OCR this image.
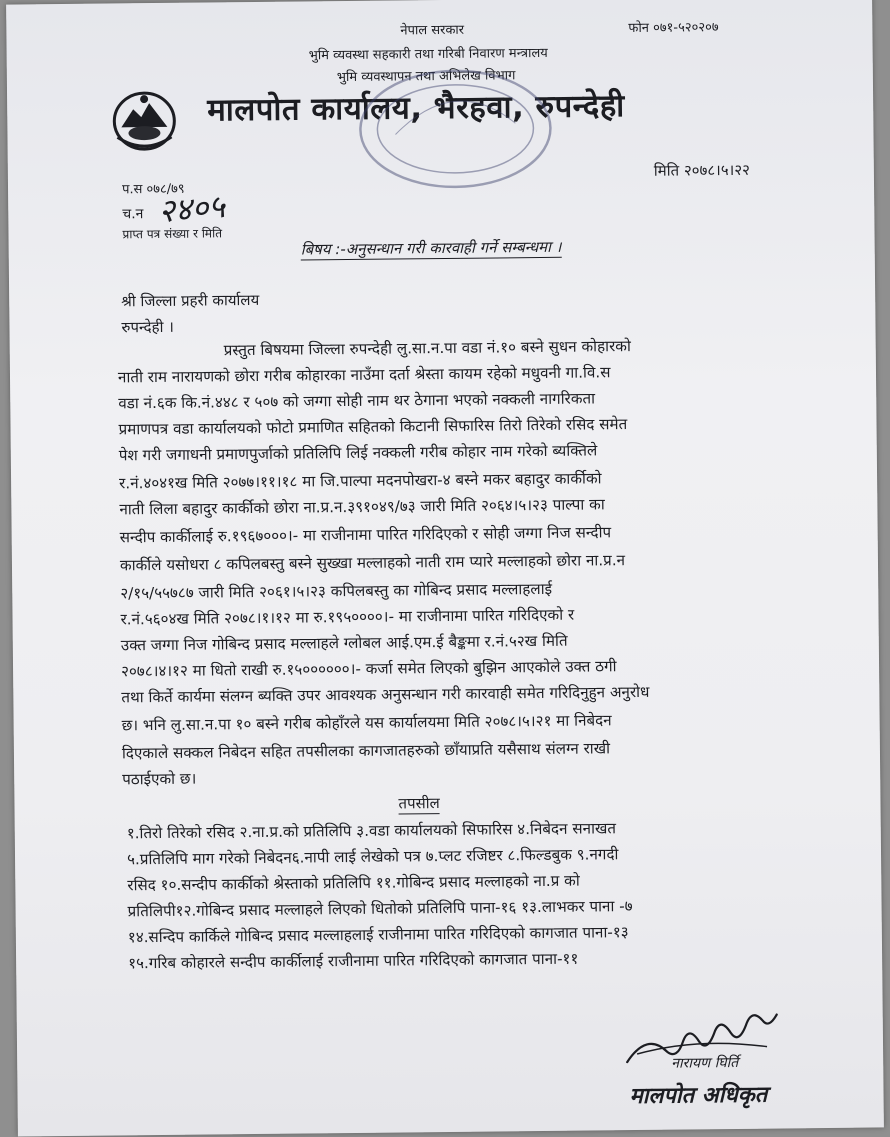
नेपाल सरकार	फोन ०७१-५२०२०७
भुमि व्यवस्था सहकारी तथा गरिबी निवारण मन्त्रालय
भुमि व्यवस्थापन तथा अभिलेख विभाग
मालपोत कार्यालय, भैरहवा, रुपन्देही
मिति २०७८।५।२२
प.स ०७८/७९
च.न २४०५
प्राप्त पत्र संख्या र मिति
बिषय :-अनुसन्धान गरी कारवाही गर्ने सम्बन्धमा ।
श्री जिल्ला प्रहरी कार्यालय
रुपन्देही ।
प्रस्तुत बिषयमा जिल्ला रुपन्देही लु.सा.न.पा वडा नं.१० बस्ने सुधन कोहारको
नाती राम नारायणको छोरा गरीब कोहारका नाउँमा दर्ता श्रेस्ता कायम रहेको मधुवनी गा.वि.स
वडा नं.६क कि.नं.४४८ र ५०७ को जग्गा सोही नाम थर ठेगाना भएको नक्कली नागरिकता
प्रमाणपत्र वडा कार्यालयको फोटो प्रमाणित सहितको किटानी सिफारिस तिरो तिरेको रसिद समेत
पेश गरी जगाधनी प्रमाणपुर्जाको प्रतिलिपि लिई नक्कली गरीब कोहार नाम गरेको ब्यक्तिले
र.नं.४०४१ख मिति २०७७।११।१८ मा जि.पाल्पा मदनपोखरा-४ बस्ने मकर बहादुर कार्कीको
नाती लिला बहादुर कार्कीको छोरा ना.प्र.न.३९१०४९/७३ जारी मिति २०६४।५।२३ पाल्पा का
सन्दीप कार्कीलाई रु.१९६७०००।- मा राजीनामा पारित गरिदिएको र सोही जग्गा निज सन्दीप
कार्कीले यसोधरा ८ कपिलबस्तु बस्ने सुख्खा मल्लाहको नाती राम प्यारे मल्लाहको छोरा ना.प्र.न
२/१५/५५७८७ जारी मिति २०६१।५।२३ कपिलबस्तु का गोबिन्द प्रसाद मल्लाहलाई
र.नं.५६०४ख मिति २०७८।१।१२ मा रु.१९५००००।- मा राजीनामा पारित गरिदिएको र
उक्त जग्गा निज गोबिन्द प्रसाद मल्लाहले ग्लोबल आई.एम.ई बैङ्कमा र.नं.५२ख मिति
२०७८।४।१२ मा धितो राखी रु.१५००००००।- कर्जा समेत लिएको बुझिन आएकोले उक्त ठगी
तथा किर्ते कार्यमा संलग्न ब्यक्ति उपर आवश्यक अनुसन्धान गरी कारवाही समेत गरिदिनुहुन अनुरोध
छ। भनि लु.सा.न.पा १० बस्ने गरीब कोहाँरले यस कार्यालयमा मिति २०७८।५।२१ मा निबेदन
दिएकाले सक्कल निबेदन सहित तपसीलका कागजातहरुको छाँयाप्रति यसैसाथ संलग्न राखी
पठाईएको छ।
तपसील
१.तिरो तिरेको रसिद २.ना.प्र.को प्रतिलिपि ३.वडा कार्यालयको सिफारिस ४.निबेदन सनाखत
५.प्रतिलिपि माग गरेको निबेदन६.नापी लाई लेखेको पत्र ७.प्लट रजिष्टर ८.फिल्डबुक ९.नगदी
रसिद १०.सन्दीप कार्कीको श्रेस्ताको प्रतिलिपि ११.गोबिन्द प्रसाद मल्लाहको ना.प्र को
प्रतिलिपी१२.गोबिन्द प्रसाद मल्लाहले लिएको धितोको प्रतिलिपि पाना-१६ १३.लाभकर पाना -७
१४.सन्दिप कार्किले गोबिन्द प्रसाद मल्लाहलाई राजीनामा पारित गरिदिएको कागजात पाना-१३
१५.गरिब कोहारले सन्दीप कार्कीलाई राजीनामा पारित गरिदिएको कागजात पाना-११
नारायण घिर्ति
मालपोत अधिकृत
